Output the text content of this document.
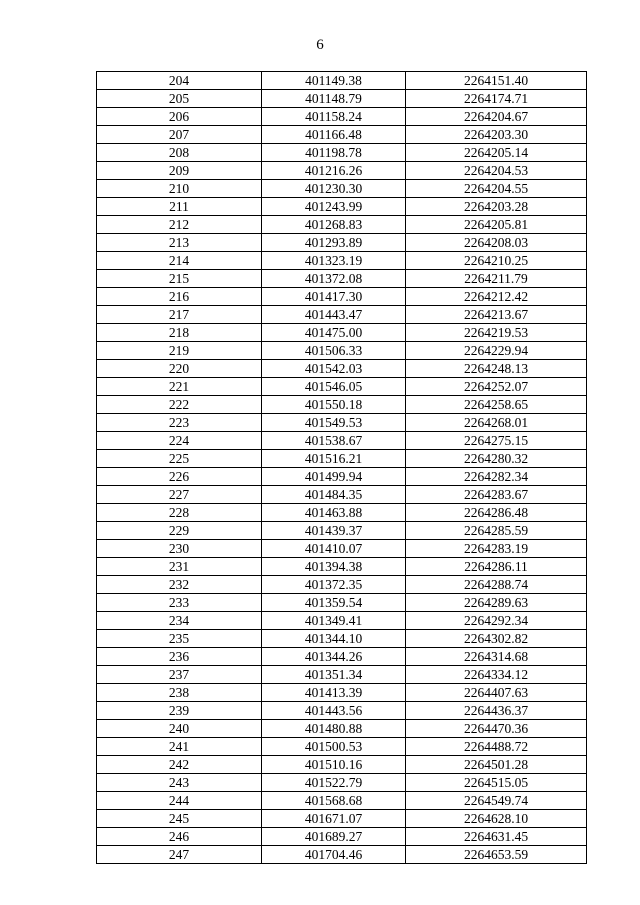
6
204	401149.38	2264151.40
205	401148.79	2264174.71
206	401158.24	2264204.67
207	401166.48	2264203.30
208	401198.78	2264205.14
209	401216.26	2264204.53
210	401230.30	2264204.55
211	401243.99	2264203.28
212	401268.83	2264205.81
213	401293.89	2264208.03
214	401323.19	2264210.25
215	401372.08	2264211.79
216	401417.30	2264212.42
217	401443.47	2264213.67
218	401475.00	2264219.53
219	401506.33	2264229.94
220	401542.03	2264248.13
221	401546.05	2264252.07
222	401550.18	2264258.65
223	401549.53	2264268.01
224	401538.67	2264275.15
225	401516.21	2264280.32
226	401499.94	2264282.34
227	401484.35	2264283.67
228	401463.88	2264286.48
229	401439.37	2264285.59
230	401410.07	2264283.19
231	401394.38	2264286.11
232	401372.35	2264288.74
233	401359.54	2264289.63
234	401349.41	2264292.34
235	401344.10	2264302.82
236	401344.26	2264314.68
237	401351.34	2264334.12
238	401413.39	2264407.63
239	401443.56	2264436.37
240	401480.88	2264470.36
241	401500.53	2264488.72
242	401510.16	2264501.28
243	401522.79	2264515.05
244	401568.68	2264549.74
245	401671.07	2264628.10
246	401689.27	2264631.45
247	401704.46	2264653.59
